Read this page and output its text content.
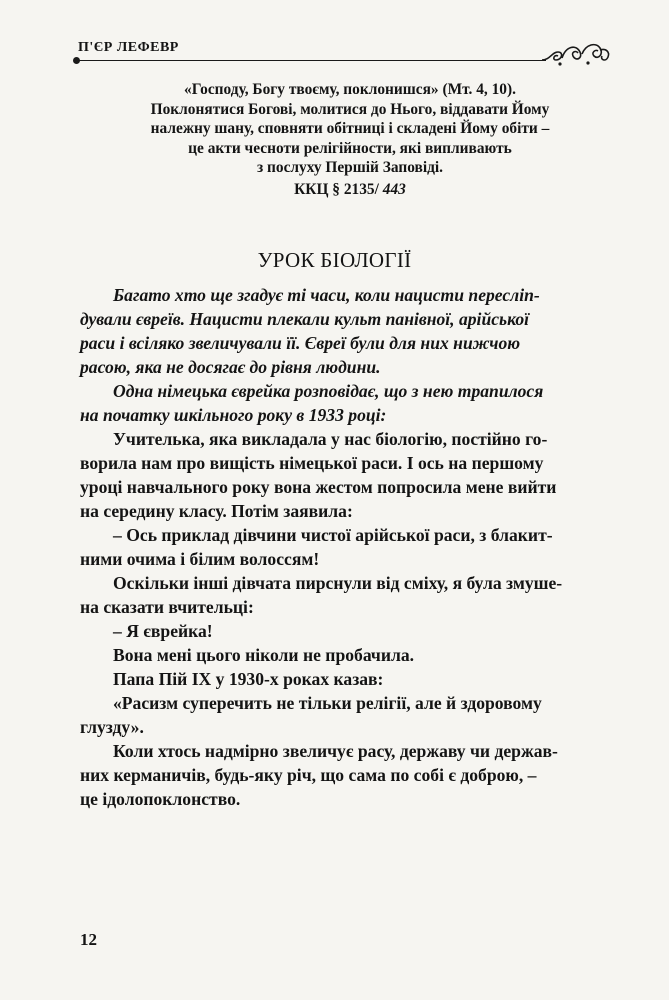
П'ЄР ЛЕФЕВР
«Господу, Богу твоєму, поклонишся» (Мт. 4, 10).
Поклонятися Богові, молитися до Нього, віддавати Йому
належну шану, сповняти обітниці і складені Йому обіти –
це акти чесноти релігійности, які випливають
з послуху Першій Заповіді.
ККЦ § 2135/ 443
УРОК БІОЛОГІЇ
Багато хто ще згадує ті часи, коли нацисти пересліп-
дували євреїв. Нацисти плекали культ панівної, арійської
раси і всіляко звеличували її. Євреї були для них нижчою
расою, яка не досягає до рівня людини.
Одна німецька єврейка розповідає, що з нею трапилося
на початку шкільного року в 1933 році:
Учителька, яка викладала у нас біологію, постійно го-
ворила нам про вищість німецької раси. І ось на першому
уроці навчального року вона жестом попросила мене вийти
на середину класу. Потім заявила:
– Ось приклад дівчини чистої арійської раси, з блакит-
ними очима і білим волоссям!
Оскільки інші дівчата пирснули від сміху, я була змуше-
на сказати вчительці:
– Я єврейка!
Вона мені цього ніколи не пробачила.
Папа Пій IX у 1930-х роках казав:
«Расизм суперечить не тільки релігії, але й здоровому
глузду».
Коли хтось надмірно звеличує расу, державу чи держав-
них керманичів, будь-яку річ, що сама по собі є доброю, –
це ідолопоклонство.
12
